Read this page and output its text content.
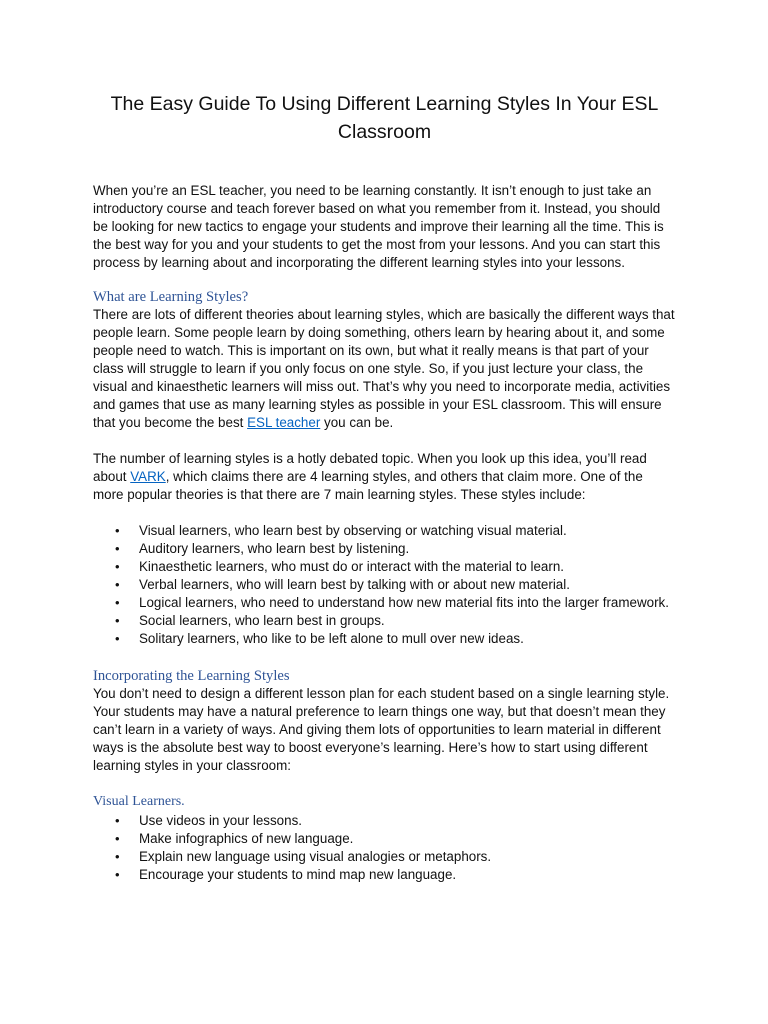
The Easy Guide To Using Different Learning Styles In Your ESL
Classroom

When you’re an ESL teacher, you need to be learning constantly. It isn’t enough to just take an introductory course and teach forever based on what you remember from it. Instead, you should be looking for new tactics to engage your students and improve their learning all the time. This is the best way for you and your students to get the most from your lessons. And you can start this process by learning about and incorporating the different learning styles into your lessons.

What are Learning Styles?

There are lots of different theories about learning styles, which are basically the different ways that people learn. Some people learn by doing something, others learn by hearing about it, and some people need to watch. This is important on its own, but what it really means is that part of your class will struggle to learn if you only focus on one style. So, if you just lecture your class, the visual and kinaesthetic learners will miss out. That’s why you need to incorporate media, activities and games that use as many learning styles as possible in your ESL classroom. This will ensure that you become the best ESL teacher you can be.

The number of learning styles is a hotly debated topic. When you look up this idea, you’ll read about VARK, which claims there are 4 learning styles, and others that claim more. One of the more popular theories is that there are 7 main learning styles. These styles include:

• Visual learners, who learn best by observing or watching visual material.
• Auditory learners, who learn best by listening.
• Kinaesthetic learners, who must do or interact with the material to learn.
• Verbal learners, who will learn best by talking with or about new material.
• Logical learners, who need to understand how new material fits into the larger framework.
• Social learners, who learn best in groups.
• Solitary learners, who like to be left alone to mull over new ideas.
Incorporating the Learning Styles

You don’t need to design a different lesson plan for each student based on a single learning style. Your students may have a natural preference to learn things one way, but that doesn’t mean they can’t learn in a variety of ways. And giving them lots of opportunities to learn material in different ways is the absolute best way to boost everyone’s learning. Here’s how to start using different learning styles in your classroom:

Visual Learners.
• Use videos in your lessons.
• Make infographics of new language.
• Explain new language using visual analogies or metaphors.
• Encourage your students to mind map new language.
